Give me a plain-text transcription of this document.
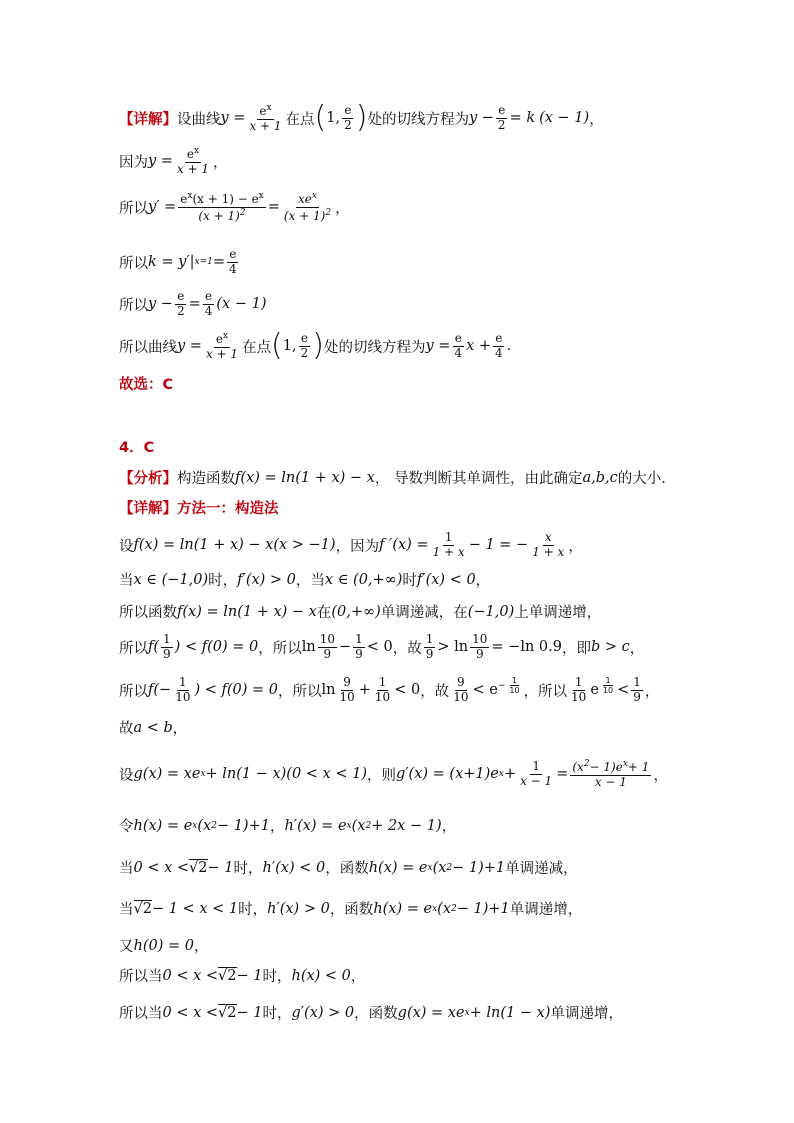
【详解】 设曲线 $y = \frac{e^x}{x + 1}$ 在点 ( 1, $\frac{e}{2}$ ) 处的切线方程为 $y - \frac{e}{2} = k$ (x − 1) ，
因为 $y = \frac{e^x}{x + 1}$ ，
所以 $y' = \frac{e^x(x + 1) - e^x}{(x + 1)^2} = \frac{xe^x}{(x + 1)^2}$ ，
所以 k = y′| $x=1 = \frac{e}{4}$
所以 $y - \frac{e}{2} = \frac{e}{4} (x - 1)$
所以曲线 $y = \frac{e^x}{x + 1}$ 在点 ( 1, $\frac{e}{2}$ ) 处的切线方程为 $y = \frac{e}{4}$ $x + \frac{e}{4}$ .
故选：C
4．C
【分析】 构造函数 f(x) = ln(1 + x) − x ， 导数判断其单调性，由此确定 a,b,c 的大小.
【详解】方法一：构造法
设 f(x) = ln(1 + x) − x(x > −1) ，因为 f $'(x) = \frac{1}{1 + x} - 1$ = − $\frac{x}{1 + x}$ ，
当 x ∈ (−1,0) 时， f′(x) > 0 ，当 x ∈ (0,+∞) 时 f′(x) < 0 ，
所以函数 f(x) = ln(1 + x) − x 在 (0,+∞) 单调递减，在 (−1,0) 上单调递增，
所以 $f( \frac{1}{9}$ ) < f(0) = 0 ，所以 $\ln \frac{10}{9} - \frac{1}{9} < 0$ ，故 $\frac{1}{9} > \ln \frac{10}{9} = -\ln$ 0.9 ，即 b > c ，
所以 $f(- \frac{1}{10}$ ) < f(0) = 0 ，所以 $\ln \frac{9}{10} + \frac{1}{10} < 0$ ，故 $\frac{9}{10} < e$ $^{- \frac{1}{10}}$ ，所以 $\frac{1}{10}$ e $^{\frac{1}{10}} < \frac{1}{9}$ ，
故 a < b ，
设 g(x) = xe x + ln(1 − x)(0 < x < 1) ，则 g′(x) = (x+1)e $x + \frac{1}{x - 1} = \frac{(x^2- 1)e^x+ 1}{x - 1}$ ，
令 h(x) = e x (x 2 − 1)+1 ， h′(x) = e x (x 2 + 2x − 1) ，
当 0 < x < √2 − 1 时， h′(x) < 0 ，函数 h(x) = e x (x 2 − 1)+1 单调递减，
当 √2 − 1 < x < 1 时， h′(x) > 0 ，函数 h(x) = e x (x 2 − 1)+1 单调递增，
又 h(0) = 0 ，
所以当 0 < x < √2 − 1 时， h(x) < 0 ，
所以当 0 < x < √2 − 1 时， g′(x) > 0 ，函数 g(x) = xe x + ln(1 − x) 单调递增，
